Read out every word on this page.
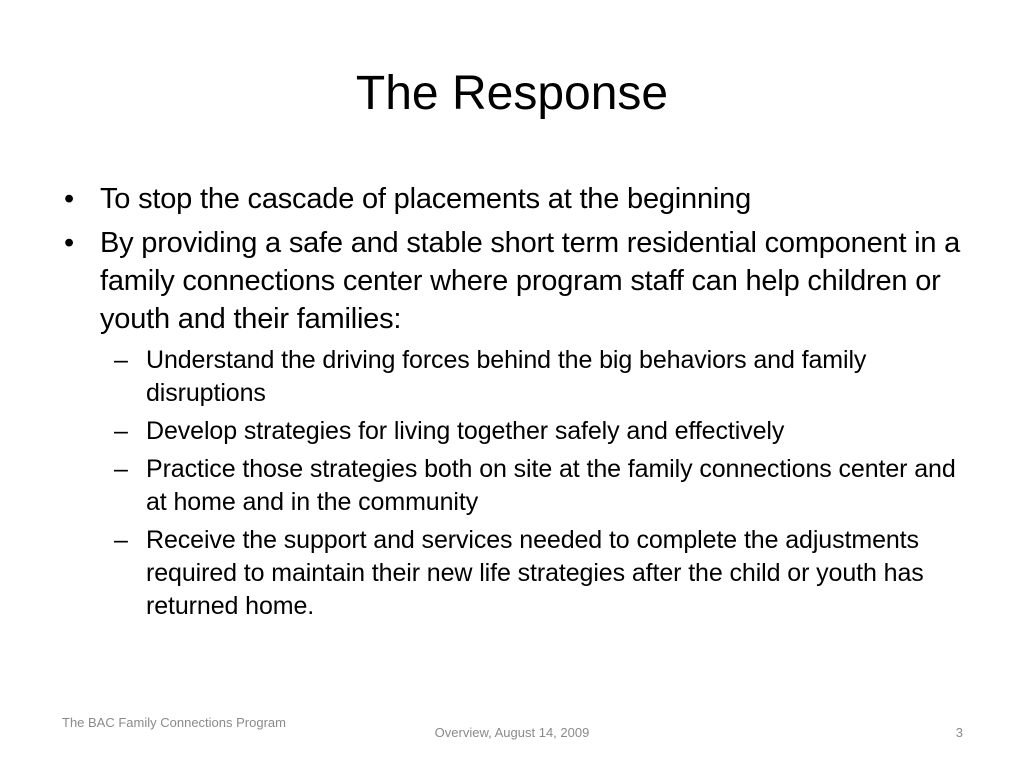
The Response
• To stop the cascade of placements at the beginning
• By providing a safe and stable short term residential component in a family connections center where program staff can help children or youth and their families:
– Understand the driving forces behind the big behaviors and family disruptions
– Develop strategies for living together safely and effectively
– Practice those strategies both on site at the family connections center and at home and in the community
– Receive the support and services needed to complete the adjustments required to maintain their new life strategies after the child or youth has returned home.
The BAC Family Connections Program
Overview, August 14, 2009	3
